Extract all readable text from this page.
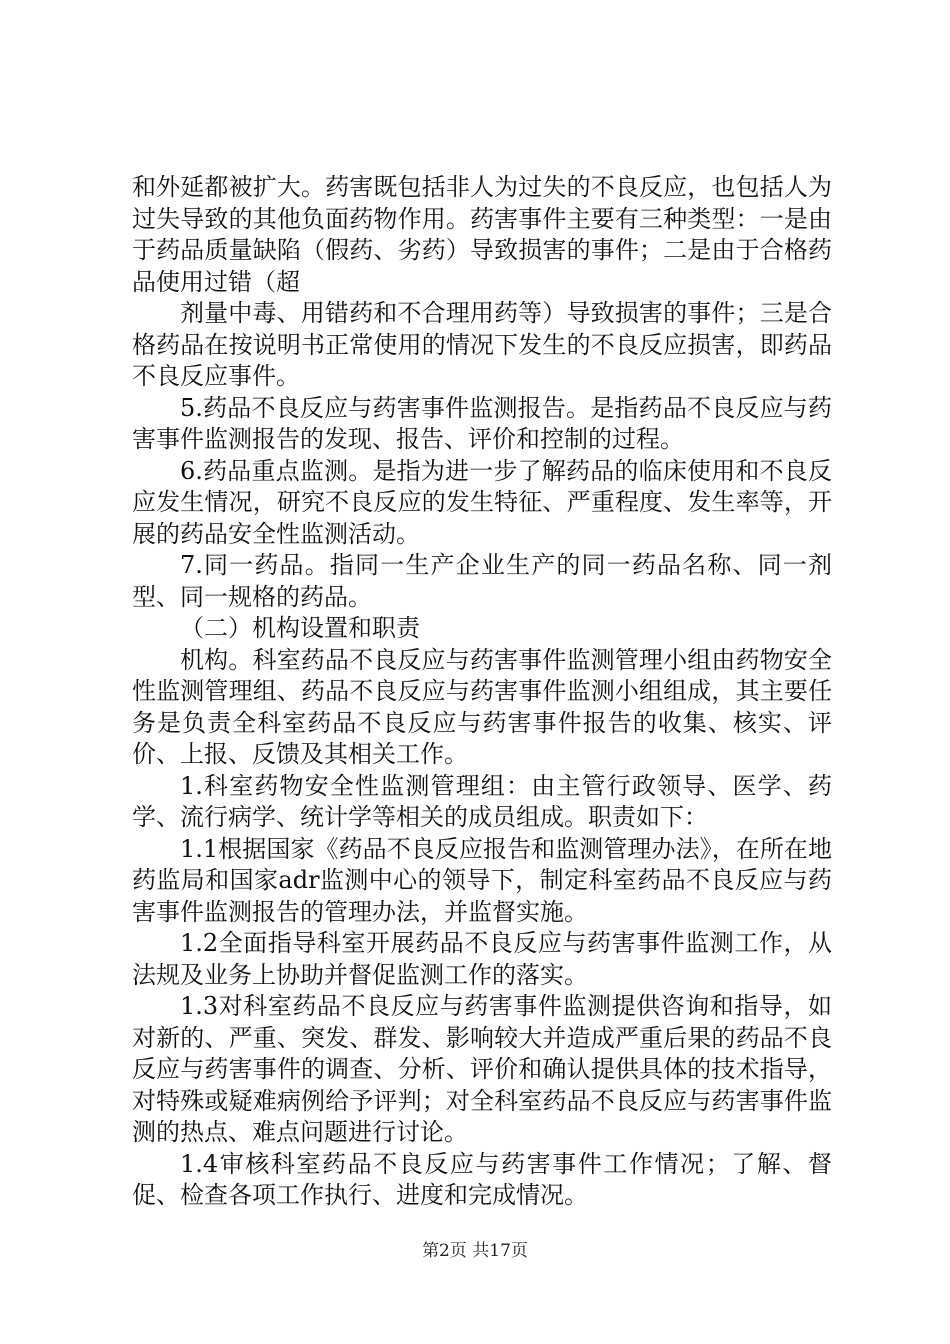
和外延都被扩大。药害既包括非人为过失的不良反应，也包括人为过失导致的其他负面药物作用。药害事件主要有三种类型：一是由于药品质量缺陷（假药、劣药）导致损害的事件；二是由于合格药品使用过错（超

剂量中毒、用错药和不合理用药等）导致损害的事件；三是合格药品在按说明书正常使用的情况下发生的不良反应损害，即药品不良反应事件。

5.药品不良反应与药害事件监测报告。是指药品不良反应与药害事件监测报告的发现、报告、评价和控制的过程。

6.药品重点监测。是指为进一步了解药品的临床使用和不良反应发生情况，研究不良反应的发生特征、严重程度、发生率等，开展的药品安全性监测活动。

7.同一药品。指同一生产企业生产的同一药品名称、同一剂型、同一规格的药品。

（二）机构设置和职责

机构。科室药品不良反应与药害事件监测管理小组由药物安全性监测管理组、药品不良反应与药害事件监测小组组成，其主要任务是负责全科室药品不良反应与药害事件报告的收集、核实、评价、上报、反馈及其相关工作。

1.科室药物安全性监测管理组：由主管行政领导、医学、药学、流行病学、统计学等相关的成员组成。职责如下：

1.1根据国家《药品不良反应报告和监测管理办法》，在所在地药监局和国家adr监测中心的领导下，制定科室药品不良反应与药害事件监测报告的管理办法，并监督实施。

1.2全面指导科室开展药品不良反应与药害事件监测工作，从法规及业务上协助并督促监测工作的落实。

1.3对科室药品不良反应与药害事件监测提供咨询和指导，如对新的、严重、突发、群发、影响较大并造成严重后果的药品不良反应与药害事件的调查、分析、评价和确认提供具体的技术指导，对特殊或疑难病例给予评判；对全科室药品不良反应与药害事件监测的热点、难点问题进行讨论。

1.4审核科室药品不良反应与药害事件工作情况；了解、督促、检查各项工作执行、进度和完成情况。

第2页 共17页
